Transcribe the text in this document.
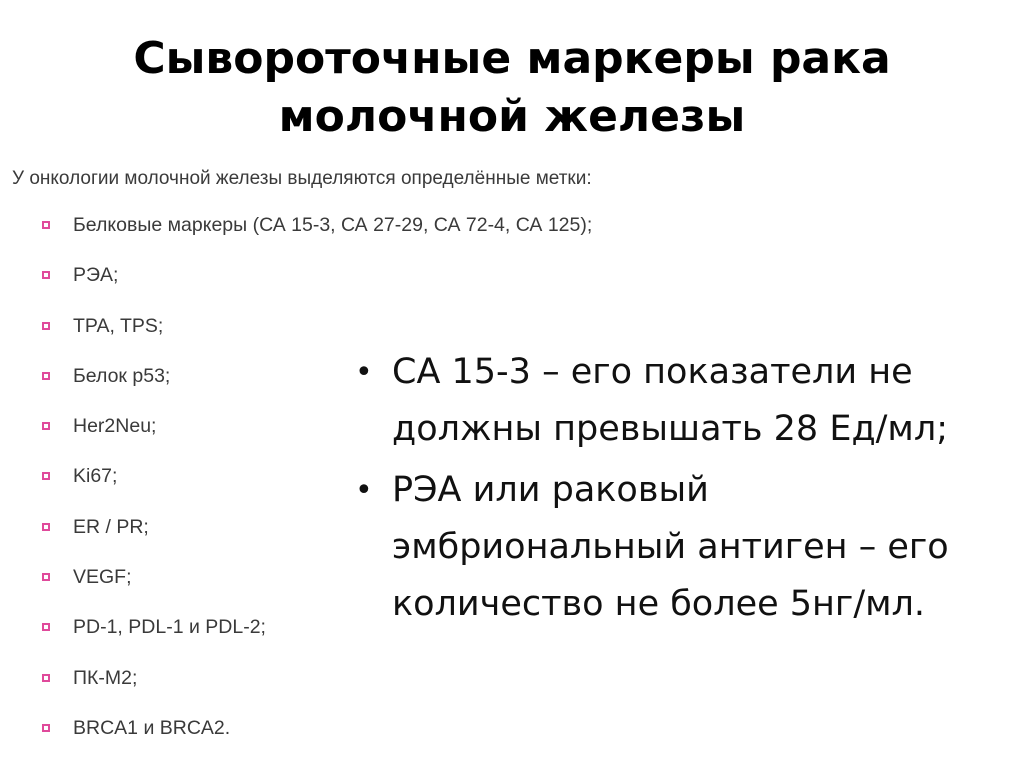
Сывороточные маркеры рака
молочной железы
У онкологии молочной железы выделяются определённые метки:
Белковые маркеры (СА 15-3, СА 27-29, СА 72-4, СА 125);
РЭА;
TPA, TPS;
Белок p53;
Her2Neu;
Ki67;
ER / PR;
VEGF;
PD-1, PDL-1 и PDL-2;
ПК-М2;
BRCA1 и BRCA2.
• CA 15-3 – его показатели не должны превышать 28 Ед/мл;
• РЭА или раковый эмбриональный антиген – его количество не более 5нг/мл.
